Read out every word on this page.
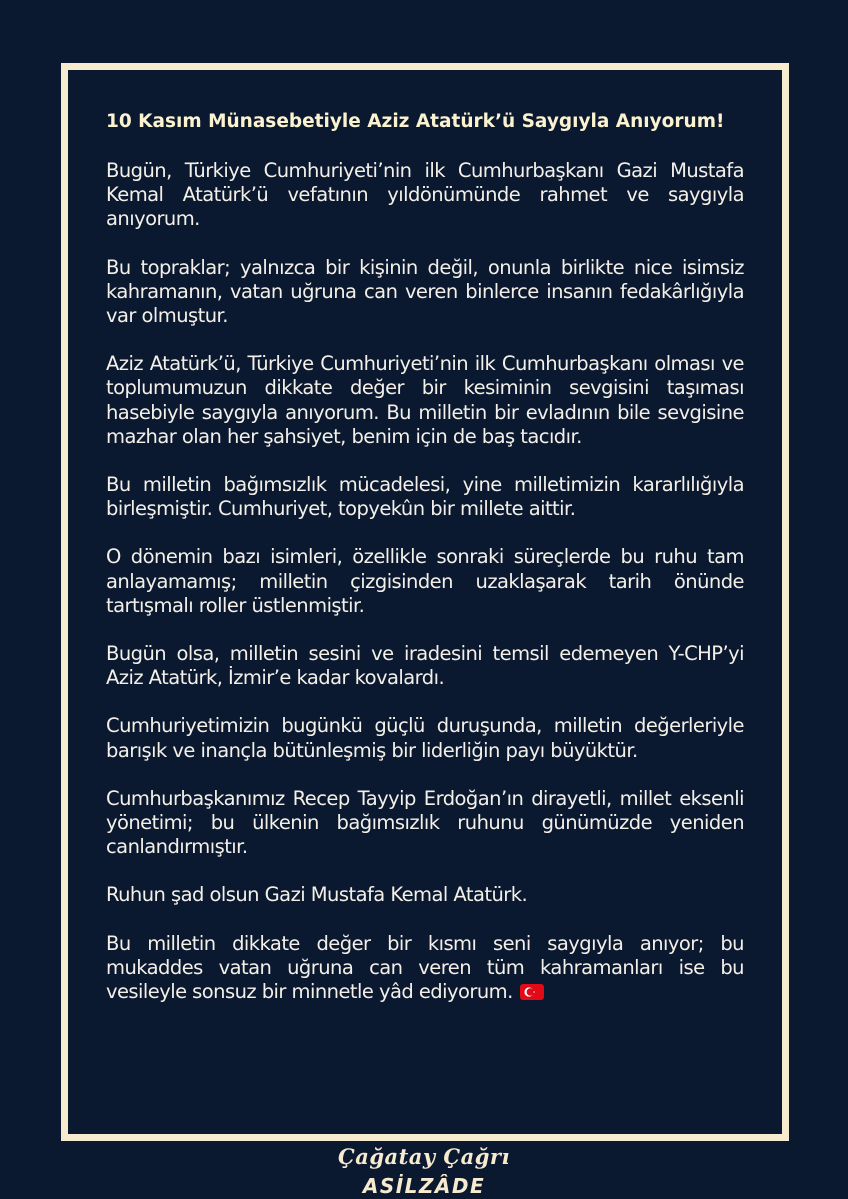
10 Kasım Münasebetiyle Aziz Atatürk’ü Saygıyla Anıyorum!

Bugün, Türkiye Cumhuriyeti’nin ilk Cumhurbaşkanı Gazi Mustafa Kemal Atatürk’ü vefatının yıldönümünde rahmet ve saygıyla anıyorum.

Bu topraklar; yalnızca bir kişinin değil, onunla birlikte nice isimsiz kahramanın, vatan uğruna can veren binlerce insanın fedakârlığıyla var olmuştur.

Aziz Atatürk’ü, Türkiye Cumhuriyeti’nin ilk Cumhurbaşkanı olması ve toplumumuzun dikkate değer bir kesiminin sevgisini taşıması hasebiyle saygıyla anıyorum. Bu milletin bir evladının bile sevgisine mazhar olan her şahsiyet, benim için de baş tacıdır.

Bu milletin bağımsızlık mücadelesi, yine milletimizin kararlılığıyla birleşmiştir. Cumhuriyet, topyekûn bir millete aittir.

O dönemin bazı isimleri, özellikle sonraki süreçlerde bu ruhu tam anlayamamış; milletin çizgisinden uzaklaşarak tarih önünde tartışmalı roller üstlenmiştir.

Bugün olsa, milletin sesini ve iradesini temsil edemeyen Y-CHP’yi Aziz Atatürk, İzmir’e kadar kovalardı.

Cumhuriyetimizin bugünkü güçlü duruşunda, milletin değerleriyle barışık ve inançla bütünleşmiş bir liderliğin payı büyüktür.

Cumhurbaşkanımız Recep Tayyip Erdoğan’ın dirayetli, millet eksenli yönetimi; bu ülkenin bağımsızlık ruhunu günümüzde yeniden canlandırmıştır.

Ruhun şad olsun Gazi Mustafa Kemal Atatürk.

Bu milletin dikkate değer bir kısmı seni saygıyla anıyor; bu mukaddes vatan uğruna can veren tüm kahramanları ise bu vesileyle sonsuz bir minnetle yâd ediyorum.

Çağatay Çağrı
ASİLZÂDE
